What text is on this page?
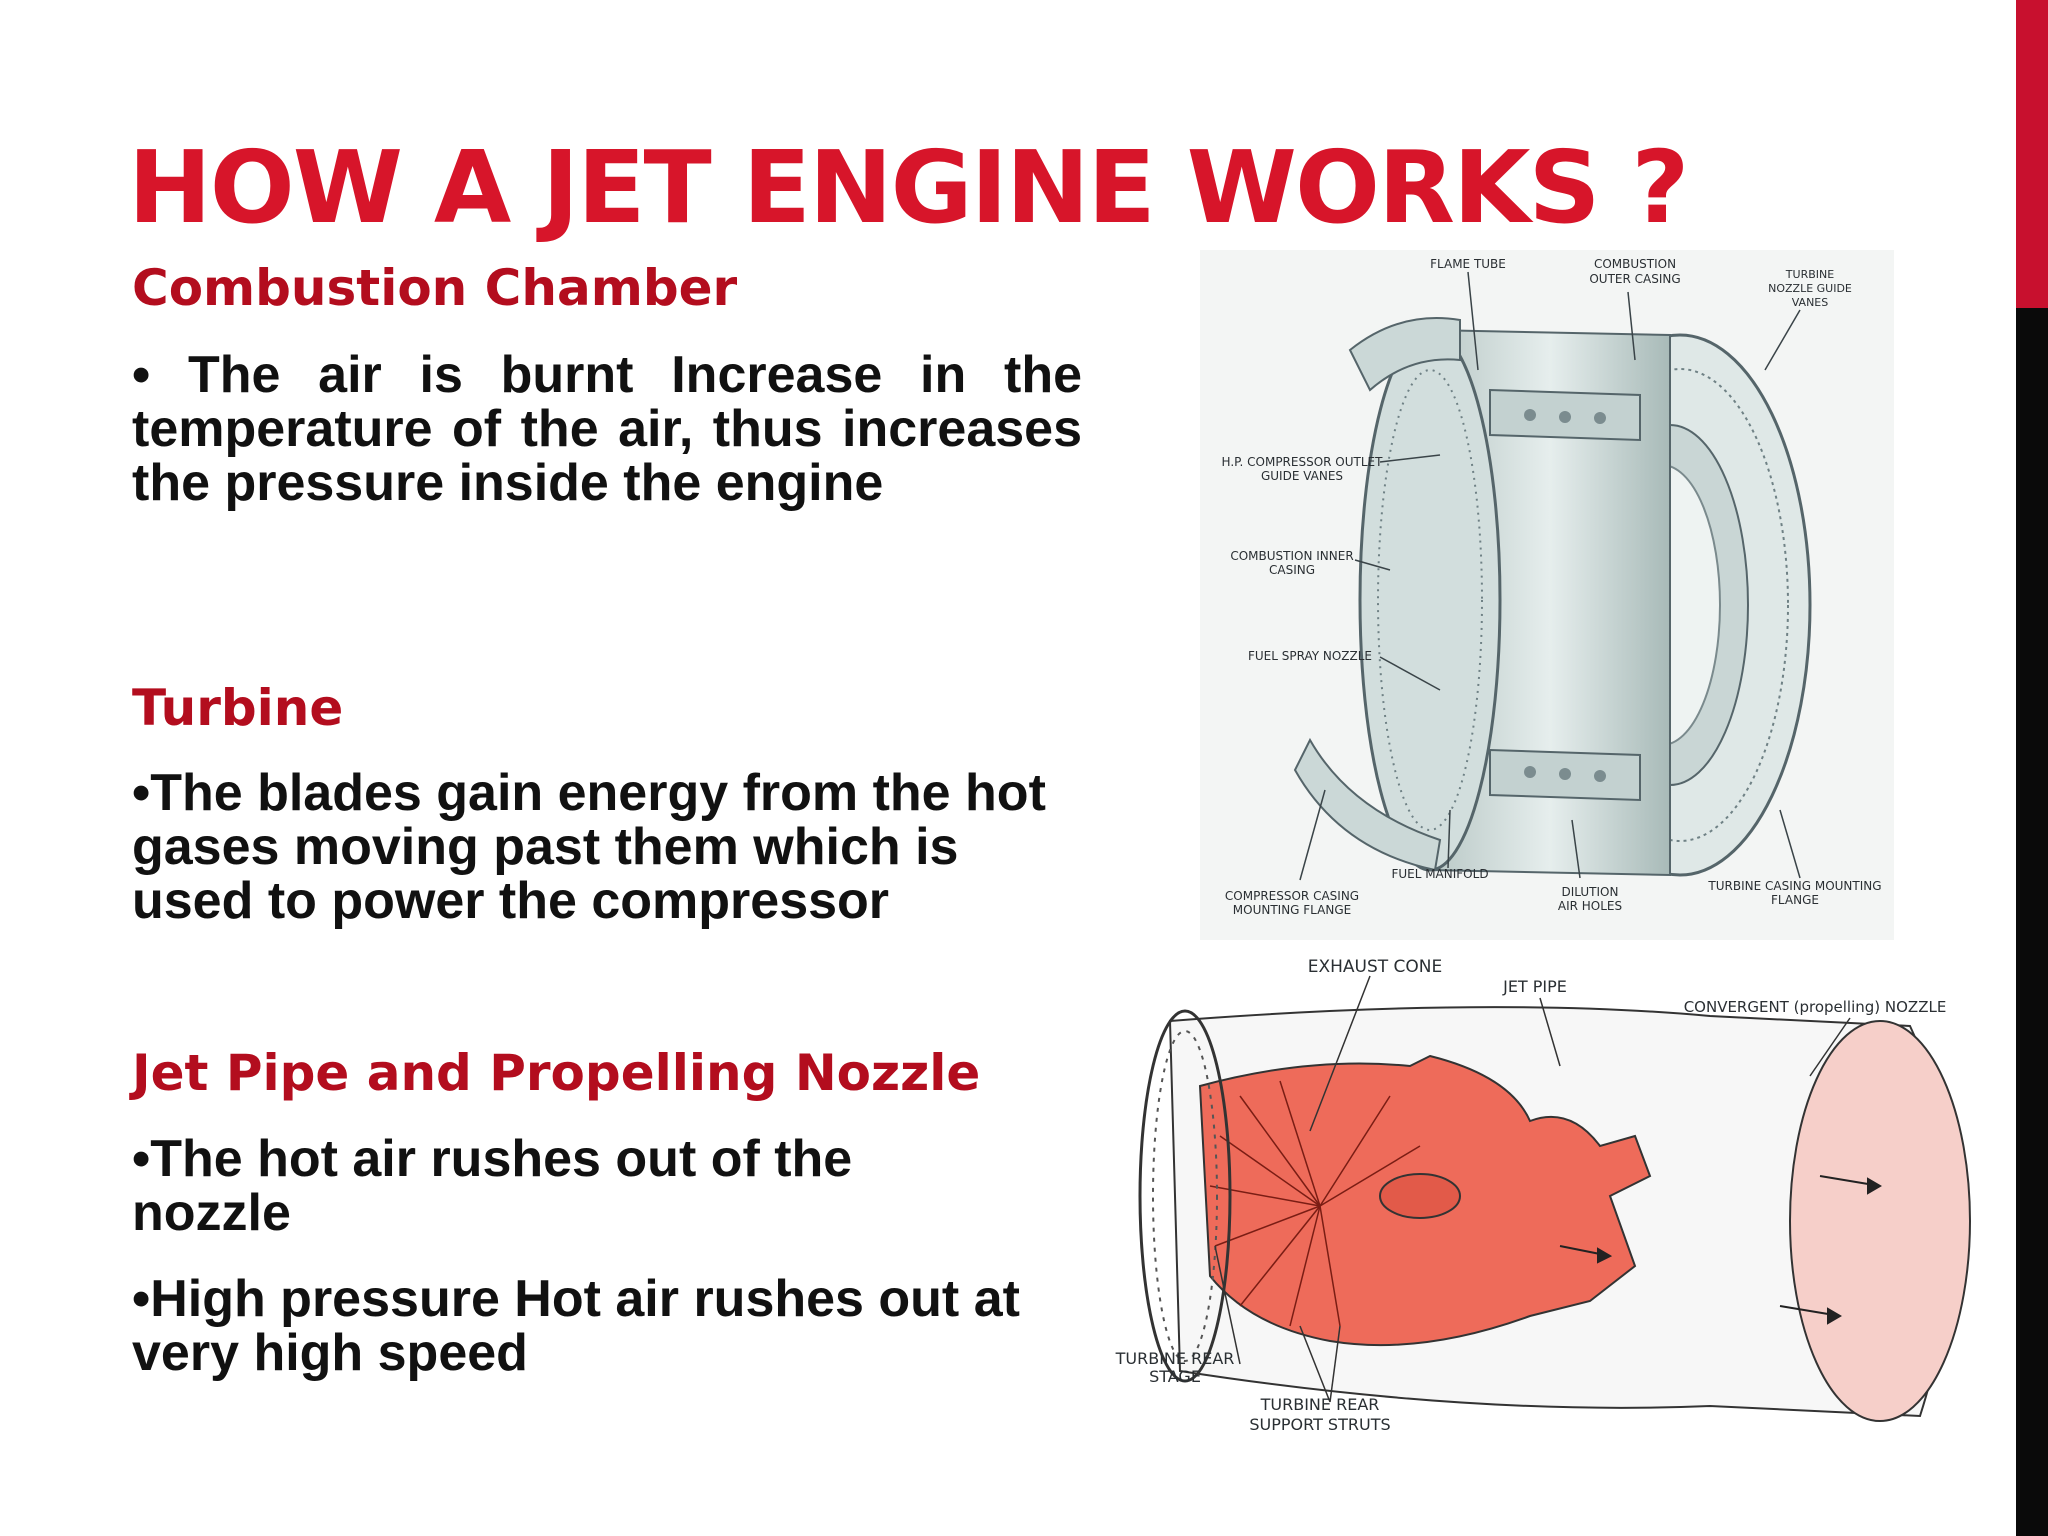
HOW A JET ENGINE WORKS ?
Combustion Chamber

• The air is burnt Increase in the temperature of the air, thus increases the pressure inside the engine

Turbine

•The blades gain energy from the hot gases moving past them which is used to power the compressor

Jet Pipe and Propelling Nozzle

•The hot air rushes out of the nozzle

•High pressure Hot air rushes out at very high speed

FLAME TUBE	COMBUSTION
OUTER CASING	TURBINE
NOZZLE GUIDE
VANES
H.P. COMPRESSOR OUTLET
GUIDE VANES
COMBUSTION INNER
CASING
FUEL SPRAY NOZZLE
FUEL MANIFOLD
COMPRESSOR CASING
MOUNTING FLANGE
DILUTION
AIR HOLES
TURBINE CASING MOUNTING
FLANGE
EXHAUST CONE
JET PIPE
CONVERGENT (propelling) NOZZLE
TURBINE REAR
STAGE
TURBINE REAR
SUPPORT STRUTS
